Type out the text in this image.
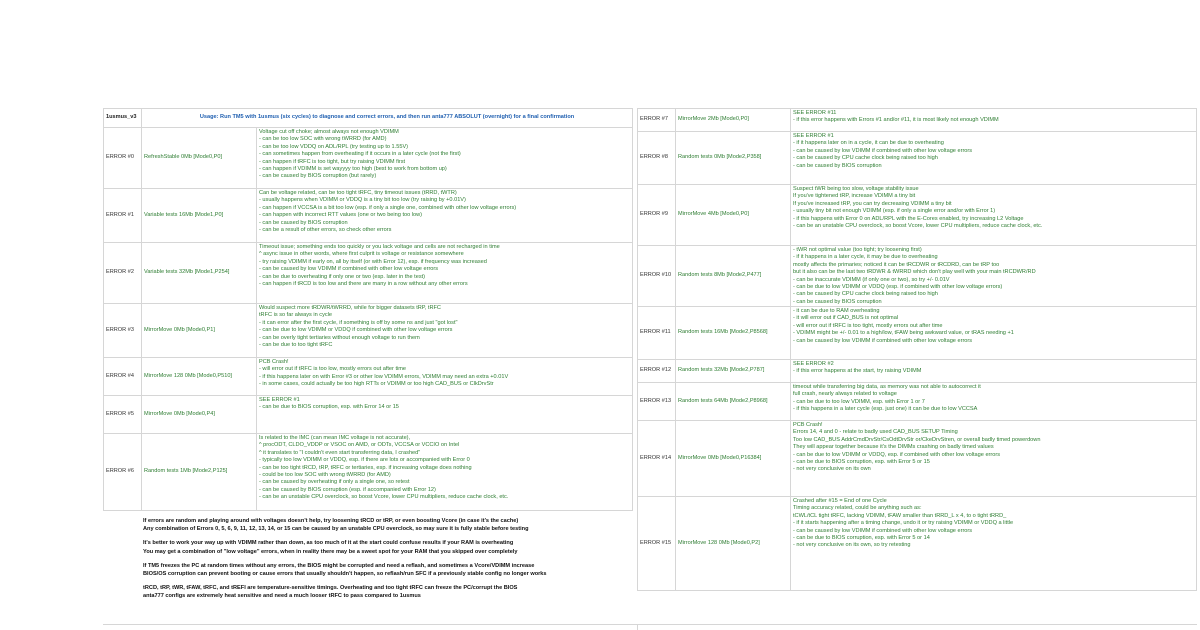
1usmus_v3	Usage: Run TM5 with 1usmus (six cycles) to diagnose and correct errors, and then run anta777 ABSOLUT (overnight) for a final confirmation
ERROR #0	RefreshStable 0Mb [Mode0,P0]
Voltage cut off choke; almost always not enough VDIMM
- can be too low SOC with wrong tWRRD (for AMD)
- can be too low VDDQ on ADL/RPL (try testing up to 1.55V)
- can sometimes happen from overheating if it occurs in a later cycle (not the first)
- can happen if tRFC is too tight, but try raising VDIMM first
- can happen if VDIMM is set wayyyy too high (best to work from bottom up)
- can be caused by BIOS corruption (but rarely)
ERROR #1	Variable tests 16Mb [Mode1,P0]
Can be voltage related, can be too tight tRFC, tiny timeout issues (tRRD, tWTR)
- usually happens when VDIMM or VDDQ is a tiny bit too low (try raising by +0.01V)
- can happen if VCCSA is a bit too low (esp. if only a single one, combined with other low voltage errors)
- can happen with incorrect RTT values (one or two being too low)
- can be caused by BIOS corruption
- can be a result of other errors, so check other errors
ERROR #2	Variable tests 32Mb [Mode1,P254]
Timeout issue; something ends too quickly or you lack voltage and cells are not recharged in time
^ async issue in other words, where first culprit is voltage or resistance somewhere
- try raising VDIMM if early on, all by itself (or with Error 12), esp. if frequency was increased
- can be caused by low VDIMM if combined with other low voltage errors
- can be due to overheating if only one or two (esp. later in the test)
- can happen if tRCD is too low and there are many in a row without any other errors
ERROR #3	MirrorMove 0Mb [Mode0,P1]
Would suspect more tRDWR/tWRRD, while for bigger datasets tRP, tRFC
tRFC is so far always in cycle
- it can error after the first cycle, if something is off by some ns and just "got lost"
- can be due to low VDIMM or VDDQ if combined with other low voltage errors
- can be overly tight tertiaries without enough voltage to run them
- can be due to too tight tRFC
ERROR #4	MirrorMove 128 0Mb [Mode0,P510]
PCB Crash!
- will error out if tRFC is too low, mostly errors out after time
- if this happens later on with Error #3 or other low VDIMM errors, VDIMM may need an extra +0.01V
- in some cases, could actually be too high RTTs or VDIMM or too high CAD_BUS or ClkDrvStr
ERROR #5	MirrorMove 0Mb [Mode0,P4]
SEE ERROR #1
- can be due to BIOS corruption, esp. with Error 14 or 15
ERROR #6	Random tests 1Mb [Mode2,P125]
Is related to the IMC (can mean IMC voltage is not accurate),
^ procODT, CLDO_VDDP or VSOC on AMD, or ODTs, VCCSA or VCCIO on Intel
^ it translates to "I couldn't even start transferring data, I crashed"
- typically too low VDIMM or VDDQ, esp. if there are lots or accompanied with Error 0
- can be too tight tRCD, tRP, tRFC or tertiaries, esp. if increasing voltage does nothing
- could be too low SOC with wrong tWRRD (for AMD)
- can be caused by overheating if only a single one, so retest
- can be caused by BIOS corruption (esp. if accompanied with Error 12)
- can be an unstable CPU overclock, so boost Vcore, lower CPU multipliers, reduce cache clock, etc.
If errors are random and playing around with voltages doesn't help, try loosening tRCD or tRP, or even boosting Vcore (in case it's the cache)
Any combination of Errors 0, 5, 6, 9, 11, 12, 13, 14, or 15 can be caused by an unstable CPU overclock, so may sure it is fully stable before testing
It's better to work your way up with VDIMM rather than down, as too much of it at the start could confuse results if your RAM is overheating
You may get a combination of "low voltage" errors, when in reality there may be a sweet spot for your RAM that you skipped over completely
If TM5 freezes the PC at random times without any errors, the BIOS might be corrupted and need a reflash, and sometimes a Vcore/VDIMM increase
BIOS/OS corruption can prevent booting or cause errors that usually shouldn't happen, so reflash/run SFC if a previously stable config no longer works
tRCD, tRP, tWR, tFAW, tRFC, and tREFI are temperature-sensitive timings. Overheating and too tight tRFC can freeze the PC/corrupt the BIOS
anta777 configs are extremely heat sensitive and need a much looser tRFC to pass compared to 1usmus
ERROR #7	MirrorMove 2Mb [Mode0,P0]
SEE ERROR #11
- if this error happens with Errors #1 and/or #11, it is most likely not enough VDIMM
ERROR #8	Random tests 0Mb [Mode2,P358]
SEE ERROR #1
- if it happens later on in a cycle, it can be due to overheating
- can be caused by low VDIMM if combined with other low voltage errors
- can be caused by CPU cache clock being raised too high
- can be caused by BIOS corruption
ERROR #9	MirrorMove 4Mb [Mode0,P0]
Suspect tWR being too slow, voltage stability issue
If you've tightened tRP, increase VDIMM a tiny bit
If you've increased tRP, you can try decreasing VDIMM a tiny bit
- usually tiny bit not enough VDIMM (esp. if only a single error and/or with Error 1)
- if this happens with Error 0 on ADL/RPL with the E-Cores enabled, try increasing L2 Voltage
- can be an unstable CPU overclock, so boost Vcore, lower CPU multipliers, reduce cache clock, etc.
ERROR #10	Random tests 8Mb [Mode2,P477]
- tWR not optimal value (too tight; try loosening first)
- if it happens in a later cycle, it may be due to overheating
mostly affects the primaries; noticed it can be tRCDWR or tRCDRD, can be tRP too
but it also can be the last two tRDWR & tWRRD which don't play well with your main tRCDWR/RD
- can be inaccurate VDIMM (if only one or two), so try +/- 0.01V
- can be due to low VDIMM or VDDQ (esp. if combined with other low voltage errors)
- can be caused by CPU cache clock being raised too high
- can be caused by BIOS corruption
ERROR #11	Random tests 16Mb [Mode2,P8568]
- it can be due to RAM overheating
- it will error out if CAD_BUS is not optimal
- will error out if tRFC is too tight, mostly errors out after time
- VDIMM might be +/- 0.01 to a high/low, tFAW being awkward value, or tRAS needing +1
- can be caused by low VDIMM if combined with other low voltage errors
ERROR #12	Random tests 32Mb [Mode2,P787]
SEE ERROR #2
- if this error happens at the start, try raising VDIMM
ERROR #13	Random tests 64Mb [Mode2,P8968]
timeout while transferring big data, as memory was not able to autocorrect it
full crash, nearly always related to voltage
- can be due to too low VDIMM, esp. with Error 1 or 7
- if this happens in a later cycle (esp. just one) it can be due to low VCCSA
ERROR #14	MirrorMove 0Mb [Mode0,P16384]
PCB Crash!
Errors 14, 4 and 0 - relate to badly used CAD_BUS SETUP Timing
Too low CAD_BUS AddrCmdDrvStr/CsOdtDrvStr or/CkeDrvStren, or overall badly timed powerdown
They will appear together because it's the DIMMs crashing on badly timed values
- can be due to low VDIMM or VDDQ, esp. if combined with other low voltage errors
- can be due to BIOS corruption, esp. with Error 5 or 15
- not very conclusive on its own
ERROR #15	MirrorMove 128 0Mb [Mode0,P2]
Crashed after #15 = End of one Cycle
Timing accuracy related, could be anything such as:
tCWL/tCL tight tRFC, lacking VDIMM, tFAW smaller than tRRD_L x 4, to o tight tRRD_
- if it starts happening after a timing change, undo it or try raising VDIMM or VDDQ a little
- can be caused by low VDIMM if combined with other low voltage errors
- can be due to BIOS corruption, esp. with Error 5 or 14
- not very conclusive on its own, so try retesting
